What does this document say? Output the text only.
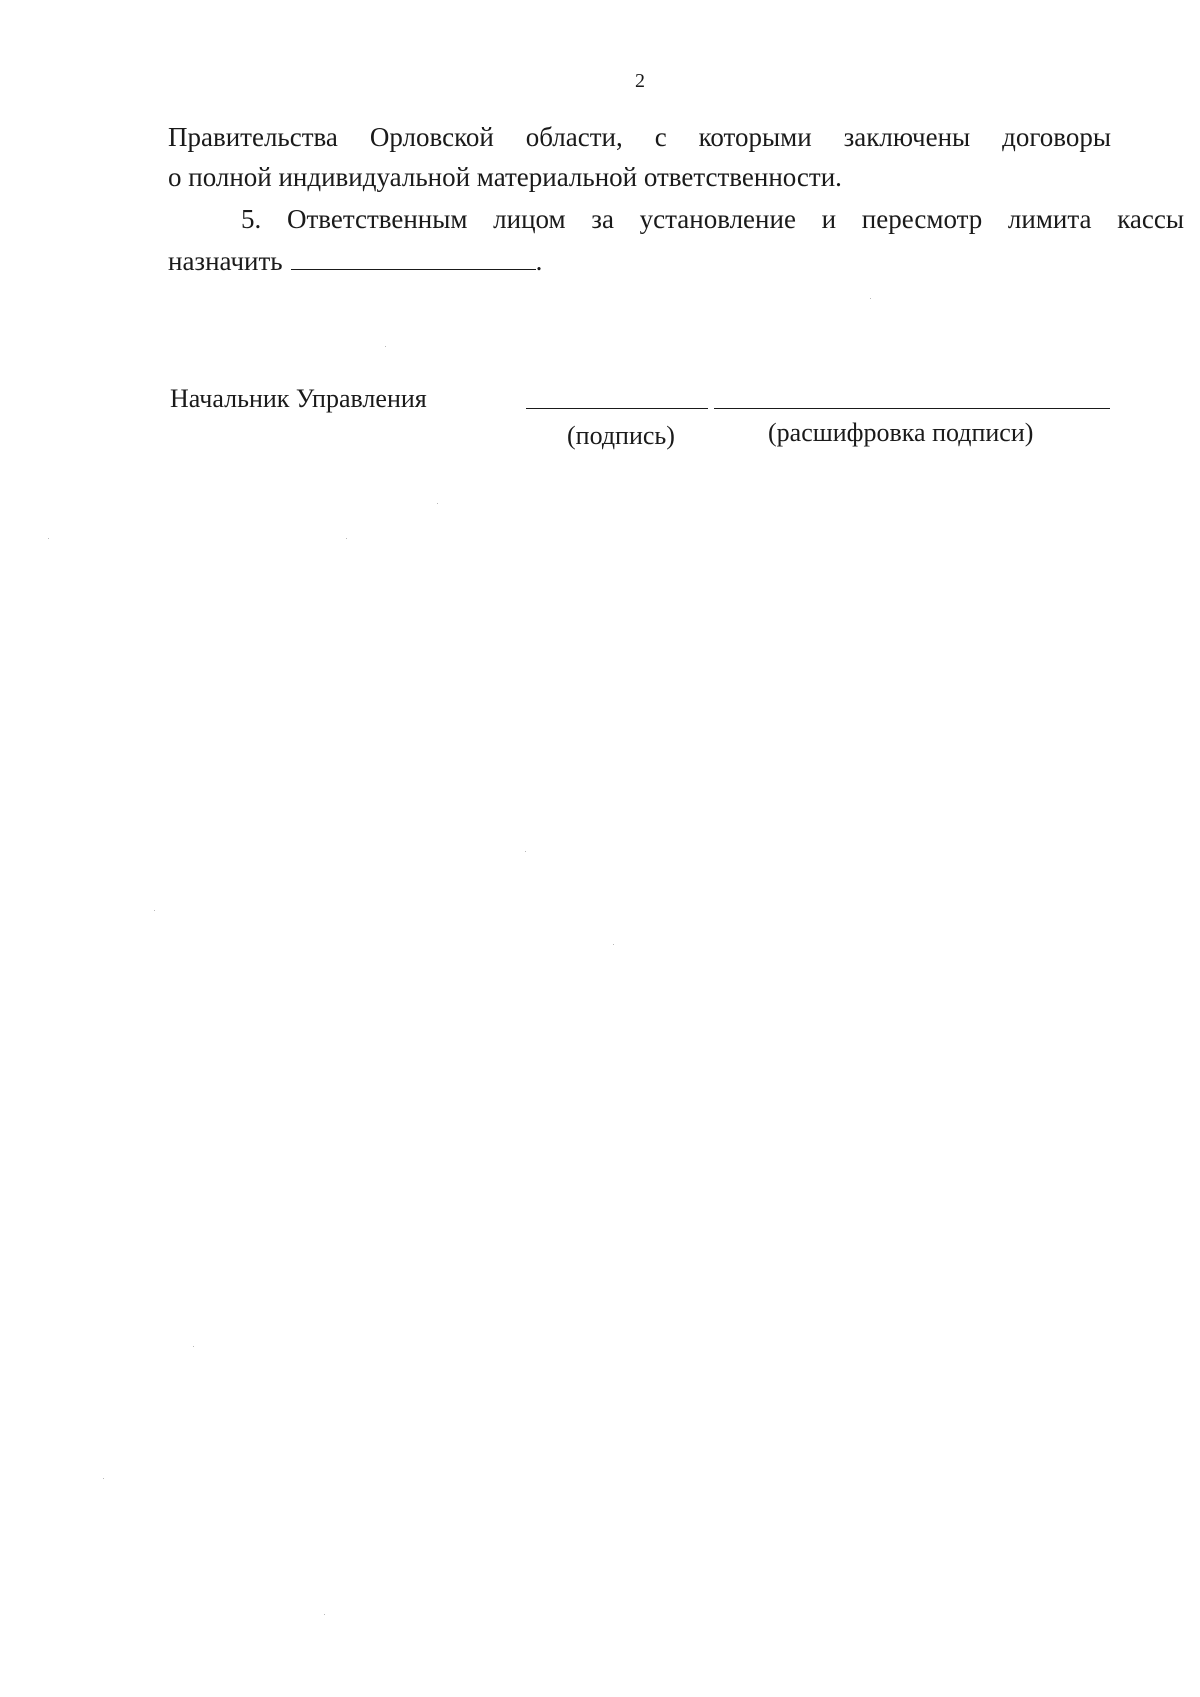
2
Правительства Орловской области, с которыми заключены договоры
о полной индивидуальной материальной ответственности.
5. Ответственным лицом за установление и пересмотр лимита кассы
назначить	.
Начальник Управления
(подпись)	(расшифровка подписи)
